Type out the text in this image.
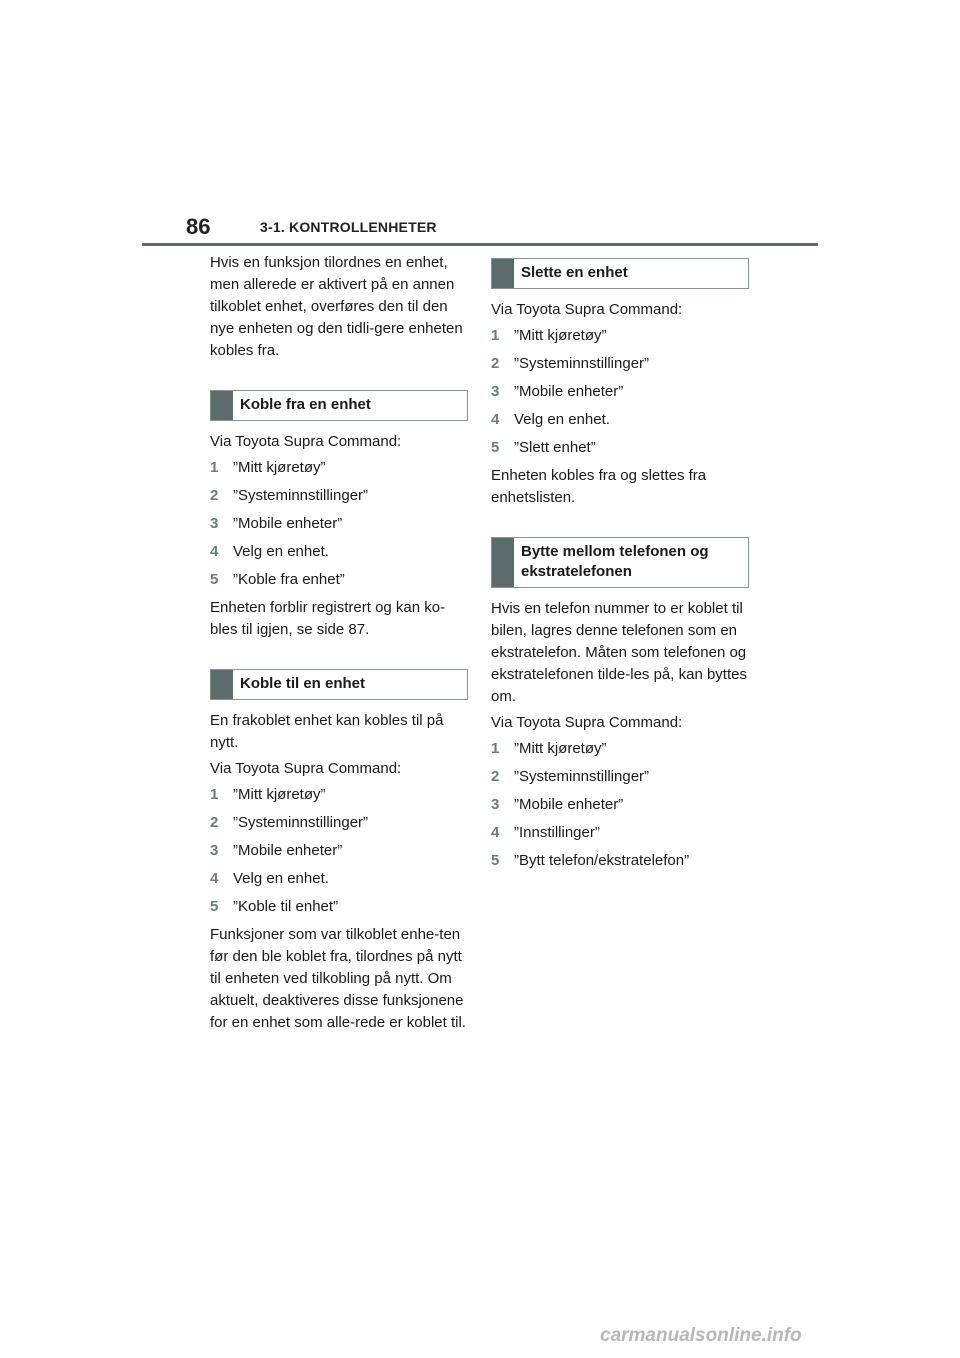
86	3-1. KONTROLLENHETER

Hvis en funksjon tilordnes en enhet, men allerede er aktivert på en annen tilkoblet enhet, overføres den til den nye enheten og den tidli-gere enheten kobles fra.

Koble fra en enhet

Via Toyota Supra Command:

1 ”Mitt kjøretøy”
2 ”Systeminnstillinger”
3 ”Mobile enheter”
4 Velg en enhet.
5 ”Koble fra enhet”

Enheten forblir registrert og kan ko-bles til igjen, se side 87.

Koble til en enhet

En frakoblet enhet kan kobles til på nytt.

Via Toyota Supra Command:

1 ”Mitt kjøretøy”
2 ”Systeminnstillinger”
3 ”Mobile enheter”
4 Velg en enhet.
5 ”Koble til enhet”

Funksjoner som var tilkoblet enhe-ten før den ble koblet fra, tilordnes på nytt til enheten ved tilkobling på nytt. Om aktuelt, deaktiveres disse funksjonene for en enhet som alle-rede er koblet til.

Slette en enhet

Via Toyota Supra Command:

1 ”Mitt kjøretøy”
2 ”Systeminnstillinger”
3 ”Mobile enheter”
4 Velg en enhet.
5 ”Slett enhet”

Enheten kobles fra og slettes fra enhetslisten.

Bytte mellom telefonen og ekstratelefonen

Hvis en telefon nummer to er koblet til bilen, lagres denne telefonen som en ekstratelefon. Måten som telefonen og ekstratelefonen tilde-les på, kan byttes om.

Via Toyota Supra Command:

1 ”Mitt kjøretøy”
2 ”Systeminnstillinger”
3 ”Mobile enheter”
4 ”Innstillinger”
5 ”Bytt telefon/ekstratelefon”
carmanualsonline.info
